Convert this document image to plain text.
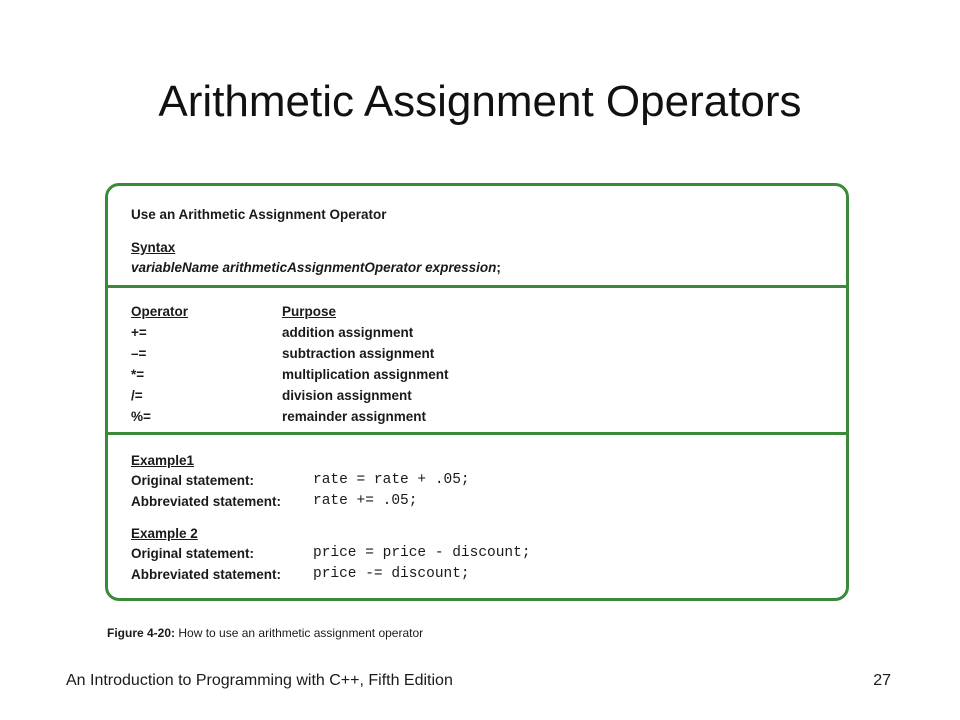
Arithmetic Assignment Operators
Use an Arithmetic Assignment Operator
Syntax
variableName arithmeticAssignmentOperator expression;
Operator	Purpose
+=	addition assignment
–=	subtraction assignment
*=	multiplication assignment
/=	division assignment
%=	remainder assignment
Example1
Original statement:	rate = rate + .05;
Abbreviated statement: rate += .05;
Example 2
Original statement:	price = price - discount;
Abbreviated statement: price -= discount;
Figure 4-20: How to use an arithmetic assignment operator
An Introduction to Programming with C++, Fifth Edition	27
